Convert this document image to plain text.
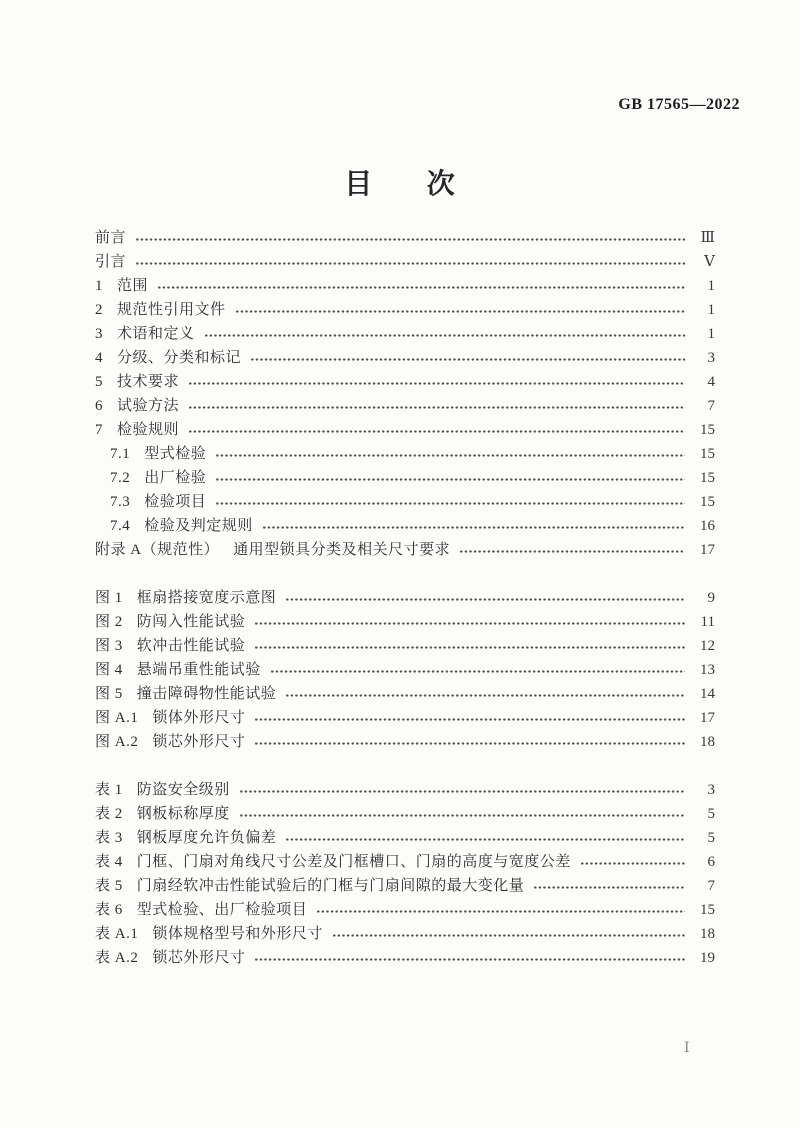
GB 17565—2022
目 次
前言	Ⅲ
引言	Ⅴ
1 范围	1
2 规范性引用文件	1
3 术语和定义	1
4 分级、分类和标记	3
5 技术要求	4
6 试验方法	7
7 检验规则	15
7.1 型式检验	15
7.2 出厂检验	15
7.3 检验项目	15
7.4 检验及判定规则	16
附录 A（规范性） 通用型锁具分类及相关尺寸要求	17
图 1 框扇搭接宽度示意图	9
图 2 防闯入性能试验	11
图 3 软冲击性能试验	12
图 4 悬端吊重性能试验	13
图 5 撞击障碍物性能试验	14
图 A.1 锁体外形尺寸	17
图 A.2 锁芯外形尺寸	18
表 1 防盗安全级别	3
表 2 钢板标称厚度	5
表 3 钢板厚度允许负偏差	5
表 4 门框、门扇对角线尺寸公差及门框槽口、门扇的高度与宽度公差	6
表 5 门扇经软冲击性能试验后的门框与门扇间隙的最大变化量	7
表 6 型式检验、出厂检验项目	15
表 A.1 锁体规格型号和外形尺寸	18
表 A.2 锁芯外形尺寸	19
Ⅰ
